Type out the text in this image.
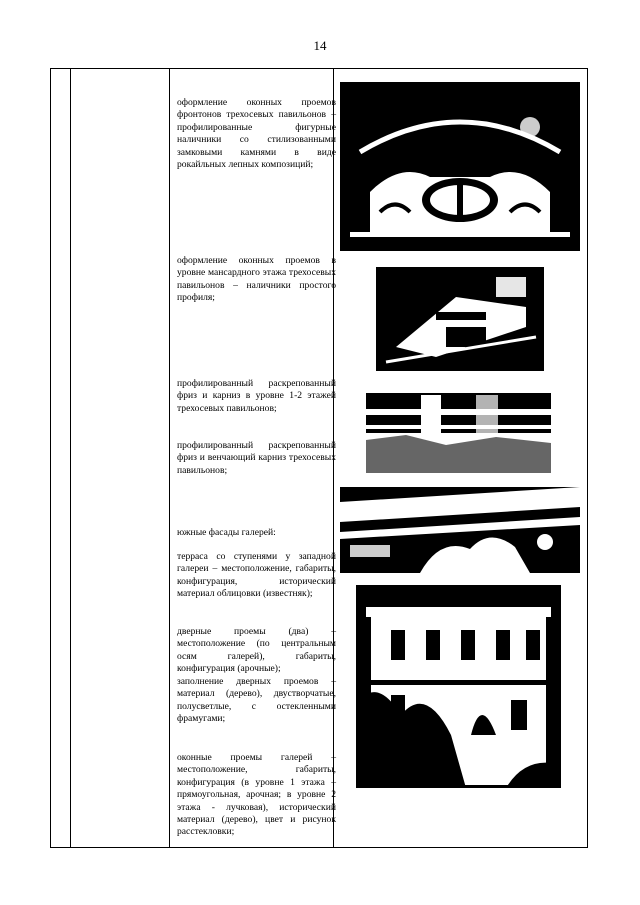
14

оформление оконных проемов фронтонов трехосевых павильонов – профилированные фигурные наличники со стилизованными замковыми камнями в виде рокайльных лепных композиций;

оформление оконных проемов в уровне мансардного этажа трехосевых павильонов – наличники простого профиля;

профилированный раскрепованный фриз и карниз в уровне 1-2 этажей трехосевых павильонов;

профилированный раскрепованный фриз и венчающий карниз трехосевых павильонов;

южные фасады галерей:

терраса со ступенями у западной галереи – местоположение, габариты, конфигурация, исторический материал облицовки (известняк);

дверные проемы (два) – местоположение (по центральным осям галерей), габариты, конфигурация (арочные);

заполнение дверных проемов – материал (дерево), двустворчатые, полусветлые, с остекленными фрамугами;

оконные проемы галерей – местоположение, габариты, конфигурация (в уровне 1 этажа – прямоугольная, арочная; в уровне 2 этажа - лучковая), исторический материал (дерево), цвет и рисунок расстекловки;
